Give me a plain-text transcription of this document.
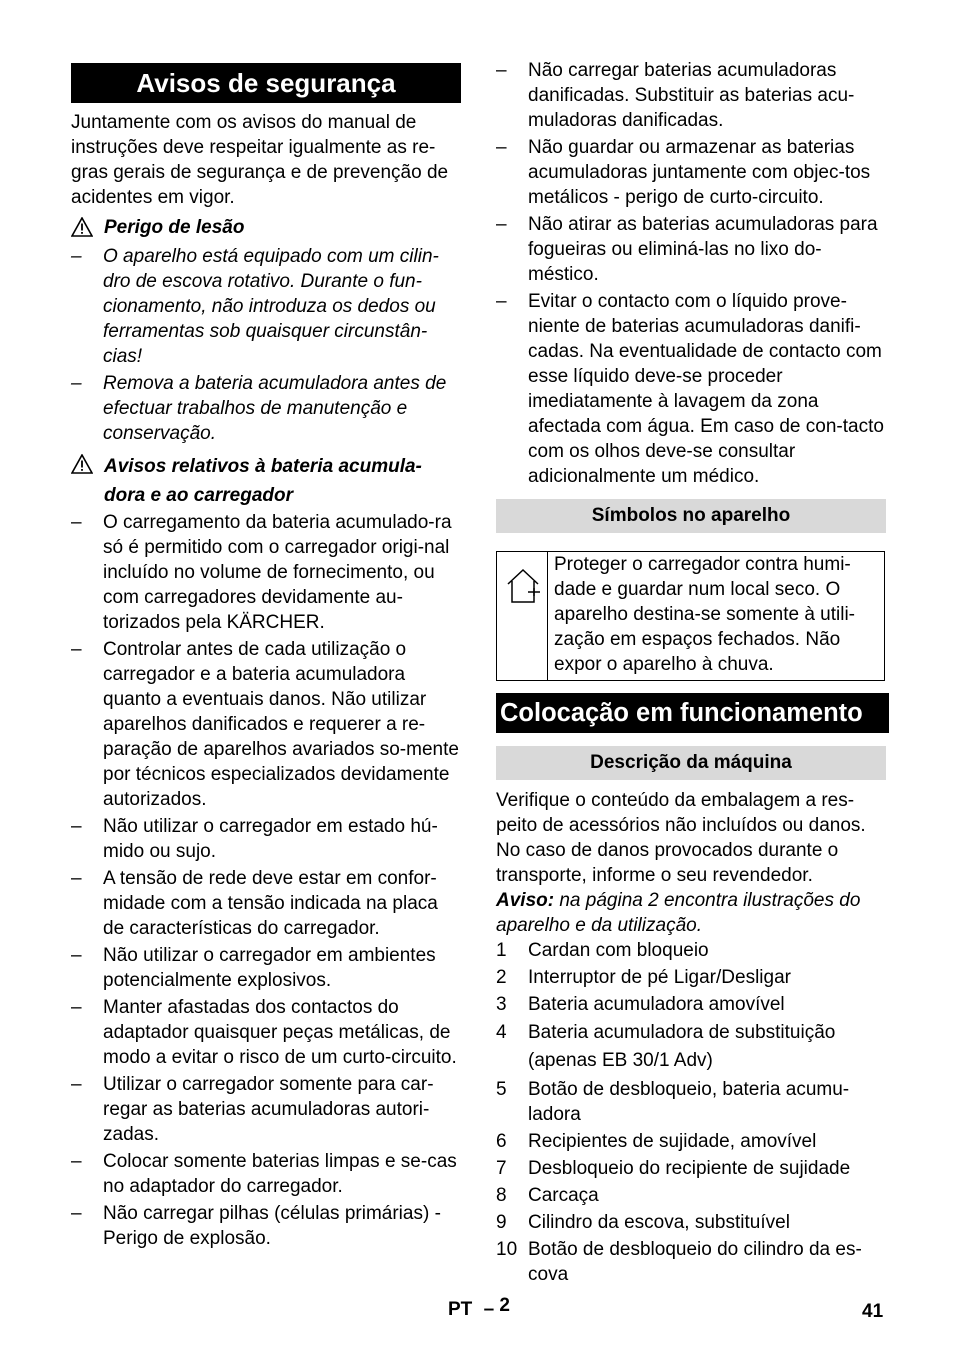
Avisos de segurança

Juntamente com os avisos do manual de instruções deve respeitar igualmente as re-gras gerais de segurança e de prevenção de acidentes em vigor.

Perigo de lesão
–	O aparelho está equipado com um cilin-dro de escova rotativo. Durante o fun-cionamento, não introduza os dedos ou ferramentas sob quaisquer circunstân-cias!
–	Remova a bateria acumuladora antes de efectuar trabalhos de manutenção e conservação.
Avisos relativos à bateria acumula-
dora e ao carregador
–	O carregamento da bateria acumulado-ra só é permitido com o carregador origi-nal incluído no volume de fornecimento, ou com carregadores devidamente au-torizados pela KÄRCHER.
–	Controlar antes de cada utilização o carregador e a bateria acumuladora quanto a eventuais danos. Não utilizar aparelhos danificados e requerer a re-paração de aparelhos avariados so-mente por técnicos especializados devidamente autorizados.
–	Não utilizar o carregador em estado hú-mido ou sujo.
–	A tensão de rede deve estar em confor-midade com a tensão indicada na placa de características do carregador.
–	Não utilizar o carregador em ambientes potencialmente explosivos.
–	Manter afastadas dos contactos do adaptador quaisquer peças metálicas, de modo a evitar o risco de um curto-circuito.
–	Utilizar o carregador somente para car-regar as baterias acumuladoras autori-zadas.
–	Colocar somente baterias limpas e se-cas no adaptador do carregador.
–	Não carregar pilhas (células primárias) - Perigo de explosão.
–	Não carregar baterias acumuladoras danificadas. Substituir as baterias acu-muladoras danificadas.
–	Não guardar ou armazenar as baterias acumuladoras juntamente com objec-tos metálicos - perigo de curto-circuito.
–	Não atirar as baterias acumuladoras para fogueiras ou eliminá-las no lixo do-méstico.
–	Evitar o contacto com o líquido prove-niente de baterias acumuladoras danifi-cadas. Na eventualidade de contacto com esse líquido deve-se proceder imediatamente à lavagem da zona afectada com água. Em caso de con-tacto com os olhos deve-se consultar adicionalmente um médico.
Símbolos no aparelho
Proteger o carregador contra humi-dade e guardar num local seco. O aparelho destina-se somente à utili-zação em espaços fechados. Não expor o aparelho à chuva.
Colocação em funcionamento
Descrição da máquina

Verifique o conteúdo da embalagem a res-peito de acessórios não incluídos ou danos. No caso de danos provocados durante o transporte, informe o seu revendedor.

Aviso: na página 2 encontra ilustrações do aparelho e da utilização.

1 Cardan com bloqueio
2 Interruptor de pé Ligar/Desligar
3 Bateria acumuladora amovível
4 Bateria acumuladora de substituição (apenas EB 30/1 Adv)
5 Botão de desbloqueio, bateria acumu-ladora
6 Recipientes de sujidade, amovível
7 Desbloqueio do recipiente de sujidade
8 Carcaça
9 Cilindro da escova, substituível
10 Botão de desbloqueio do cilindro da es-cova
PT – 2	41
